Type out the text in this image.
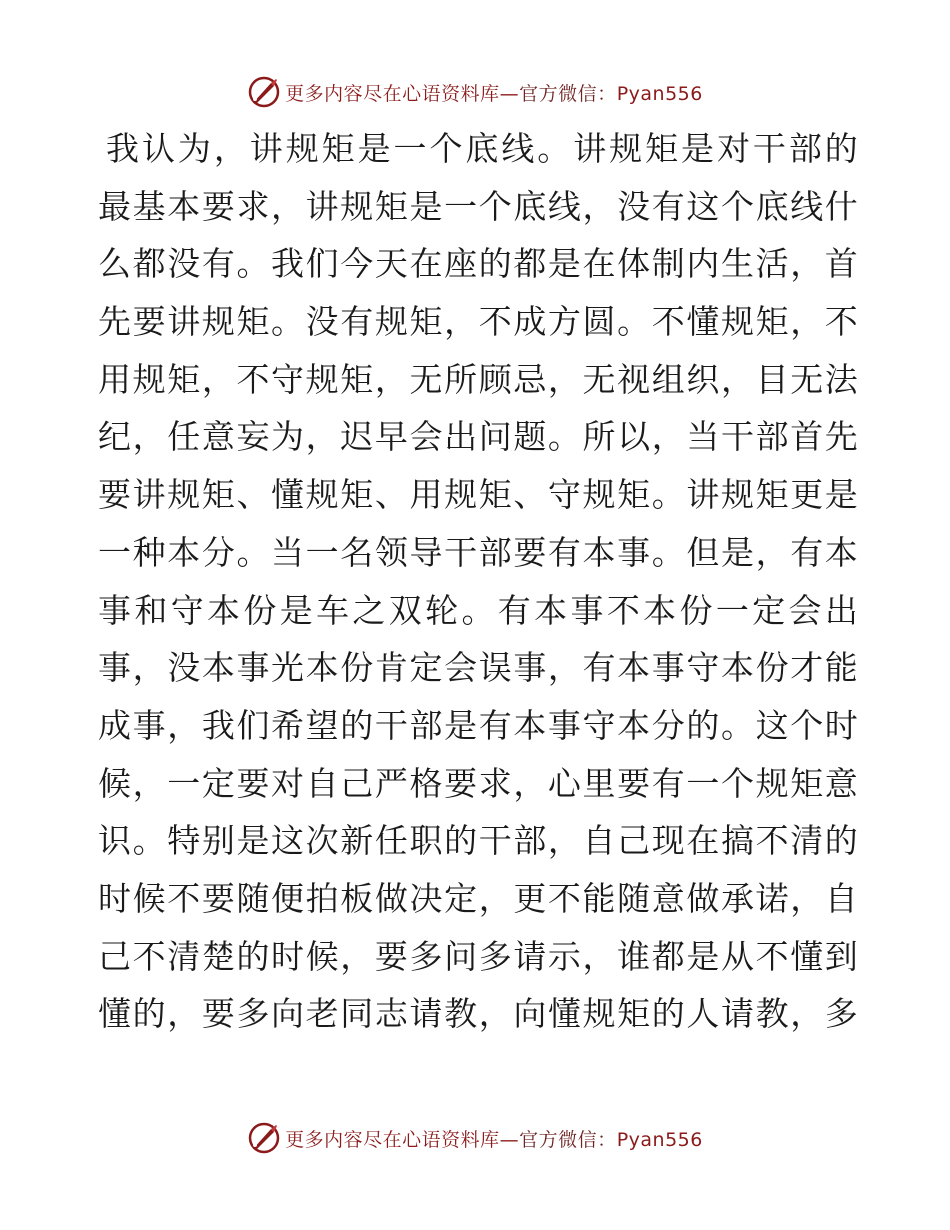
更多内容尽在心语资料库—官方微信：Pyan556
我 认 为 ， 讲 规 矩 是 一 个 底 线 。 讲 规 矩 是 对 干 部 的
最 基 本 要 求 ， 讲 规 矩 是 一 个 底 线 ， 没 有 这 个 底 线 什
么 都 没 有 。 我 们 今 天 在 座 的 都 是 在 体 制 内 生 活 ， 首
先 要 讲 规 矩 。 没 有 规 矩 ， 不 成 方 圆 。 不 懂 规 矩 ， 不
用 规 矩 ， 不 守 规 矩 ， 无 所 顾 忌 ， 无 视 组 织 ， 目 无 法
纪 ， 任 意 妄 为 ， 迟 早 会 出 问 题 。 所 以 ， 当 干 部 首 先
要 讲 规 矩 、 懂 规 矩 、 用 规 矩 、 守 规 矩 。 讲 规 矩 更 是
一 种 本 分 。 当 一 名 领 导 干 部 要 有 本 事 。 但 是 ， 有 本
事 和 守 本 份 是 车 之 双 轮 。 有 本 事 不 本 份 一 定 会 出
事 ， 没 本 事 光 本 份 肯 定 会 误 事 ， 有 本 事 守 本 份 才 能
成 事 ， 我 们 希 望 的 干 部 是 有 本 事 守 本 分 的 。 这 个 时
候 ， 一 定 要 对 自 己 严 格 要 求 ， 心 里 要 有 一 个 规 矩 意
识 。 特 别 是 这 次 新 任 职 的 干 部 ， 自 己 现 在 搞 不 清 的
时 候 不 要 随 便 拍 板 做 决 定 ， 更 不 能 随 意 做 承 诺 ， 自
己 不 清 楚 的 时 候 ， 要 多 问 多 请 示 ， 谁 都 是 从 不 懂 到
懂 的 ， 要 多 向 老 同 志 请 教 ， 向 懂 规 矩 的 人 请 教 ， 多
更多内容尽在心语资料库—官方微信：Pyan556
